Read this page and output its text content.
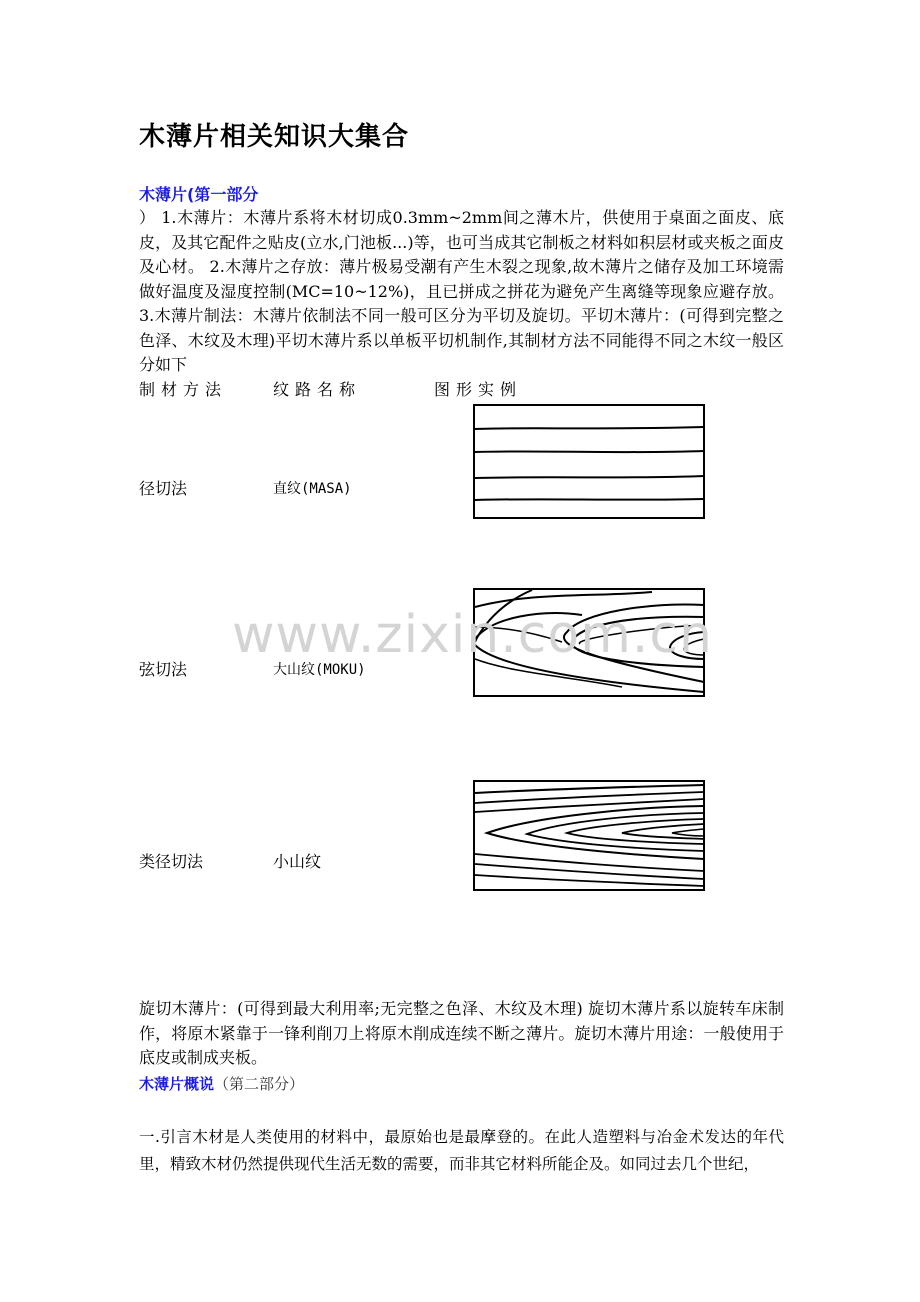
木薄片相关知识大集合
木薄片(第一部分

） 1.木薄片：木薄片系将木材切成0.3mm~2mm间之薄木片，供使用于桌面之面皮、底皮，及其它配件之贴皮(立水,门池板...)等，也可当成其它制板之材料如积层材或夹板之面皮及心材。 2.木薄片之存放：薄片极易受潮有产生木裂之现象,故木薄片之储存及加工环境需做好温度及湿度控制(MC=10~12%)，且已拼成之拼花为避免产生离缝等现象应避存放。 3.木薄片制法：木薄片依制法不同一般可区分为平切及旋切。平切木薄片：(可得到完整之色泽、木纹及木理)平切木薄片系以单板平切机制作,其制材方法不同能得不同之木纹一般区分如下

制材方法	纹路名称	图形实例
径切法	直纹(MASA)
弦切法	大山纹(MOKU)
www.zixin.com.cn
类径切法	小山纹

旋切木薄片：(可得到最大利用率;无完整之色泽、木纹及木理) 旋切木薄片系以旋转车床制作，将原木紧靠于一锋利削刀上将原木削成连续不断之薄片。旋切木薄片用途：一般使用于底皮或制成夹板。

木薄片概说（第二部分）

一.引言木材是人类使用的材料中，最原始也是最摩登的。在此人造塑料与冶金术发达的年代里，精致木材仍然提供现代生活无数的需要，而非其它材料所能企及。如同过去几个世纪，
